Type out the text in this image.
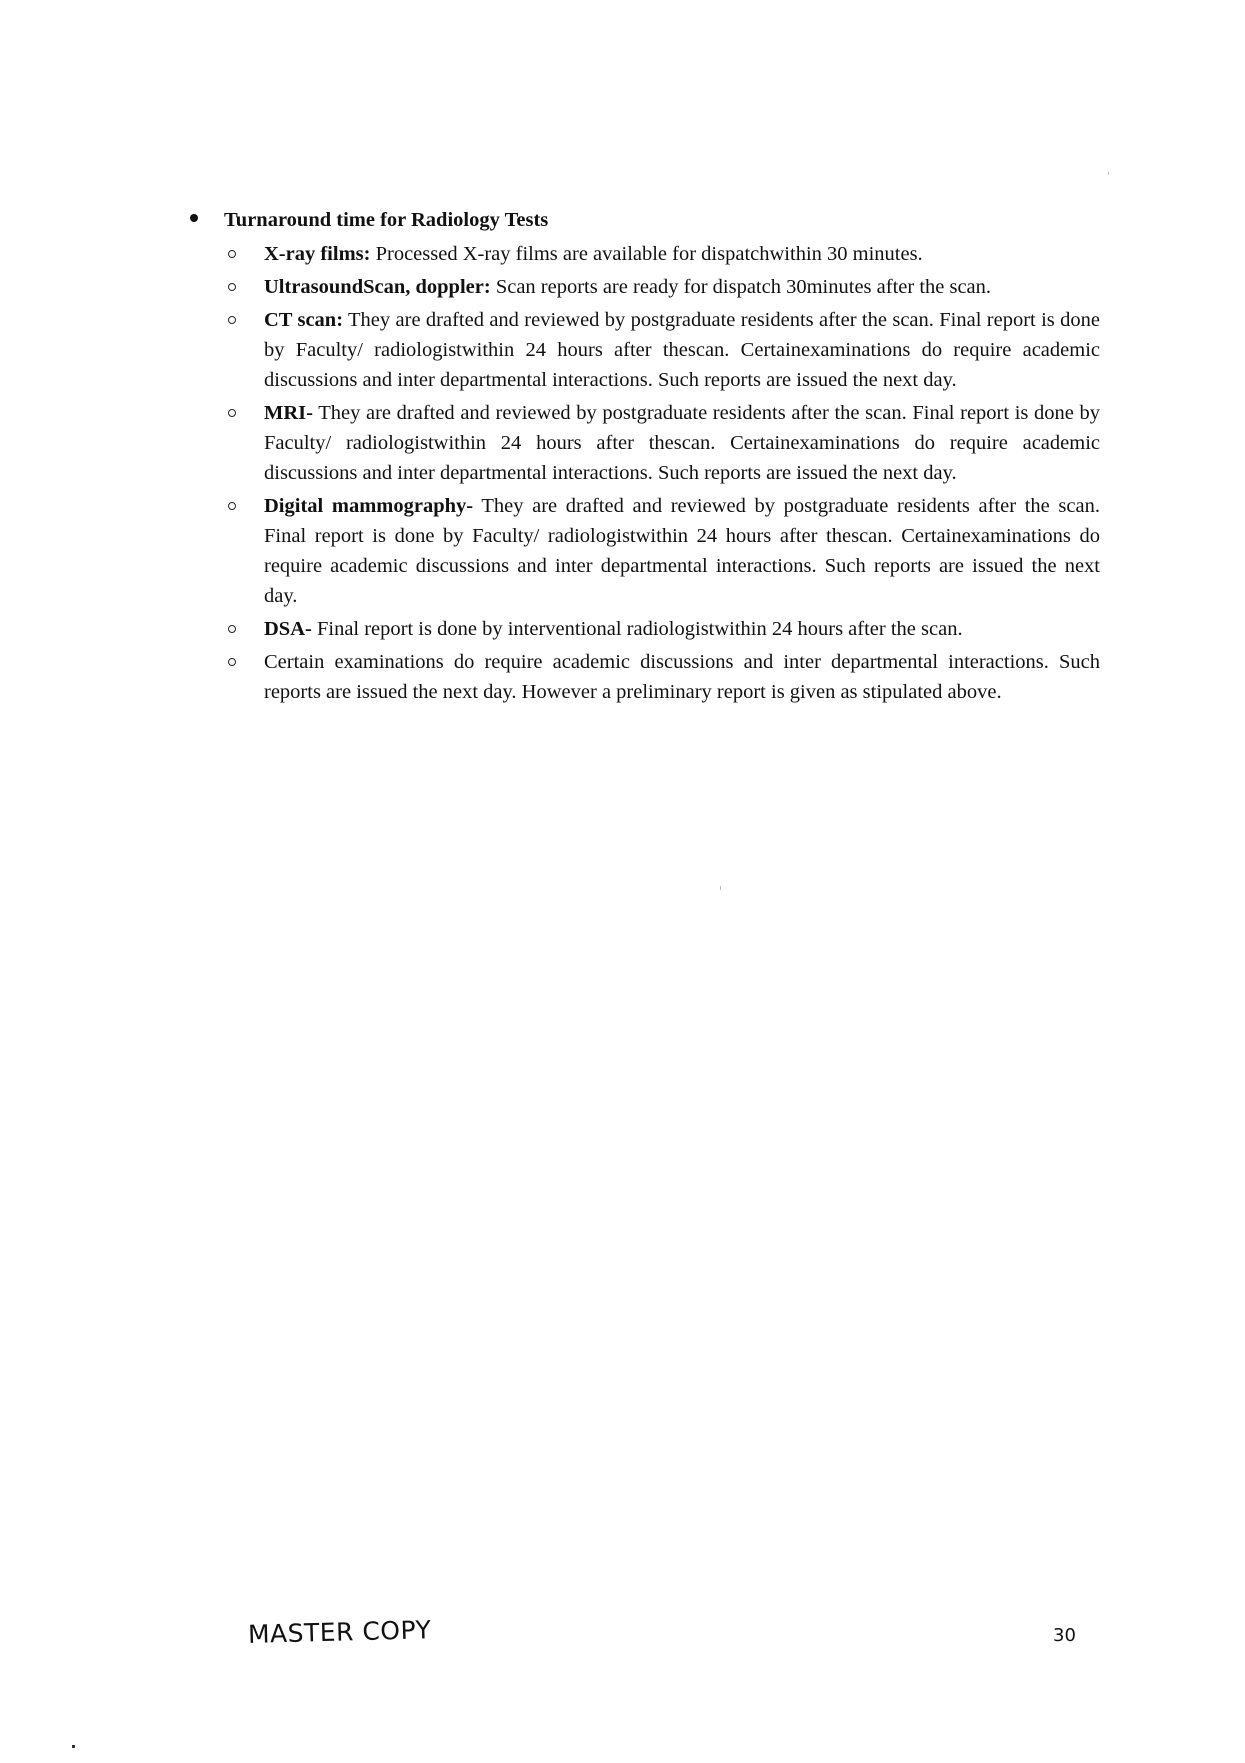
Turnaround time for Radiology Tests
X-ray films: Processed X-ray films are available for dispatchwithin 30 minutes.
UltrasoundScan, doppler: Scan reports are ready for dispatch 30minutes after the scan.
CT scan: They are drafted and reviewed by postgraduate residents after the scan. Final report is done by Faculty/ radiologistwithin 24 hours after thescan. Certainexaminations do require academic discussions and inter departmental interactions. Such reports are issued the next day.
MRI- They are drafted and reviewed by postgraduate residents after the scan. Final report is done by Faculty/ radiologistwithin 24 hours after thescan. Certainexaminations do require academic discussions and inter departmental interactions. Such reports are issued the next day.
Digital mammography- They are drafted and reviewed by postgraduate residents after the scan. Final report is done by Faculty/ radiologistwithin 24 hours after thescan. Certainexaminations do require academic discussions and inter departmental interactions. Such reports are issued the next day.
DSA- Final report is done by interventional radiologistwithin 24 hours after the scan.
Certain examinations do require academic discussions and inter departmental interactions. Such reports are issued the next day. However a preliminary report is given as stipulated above.
MASTER COPY	30
